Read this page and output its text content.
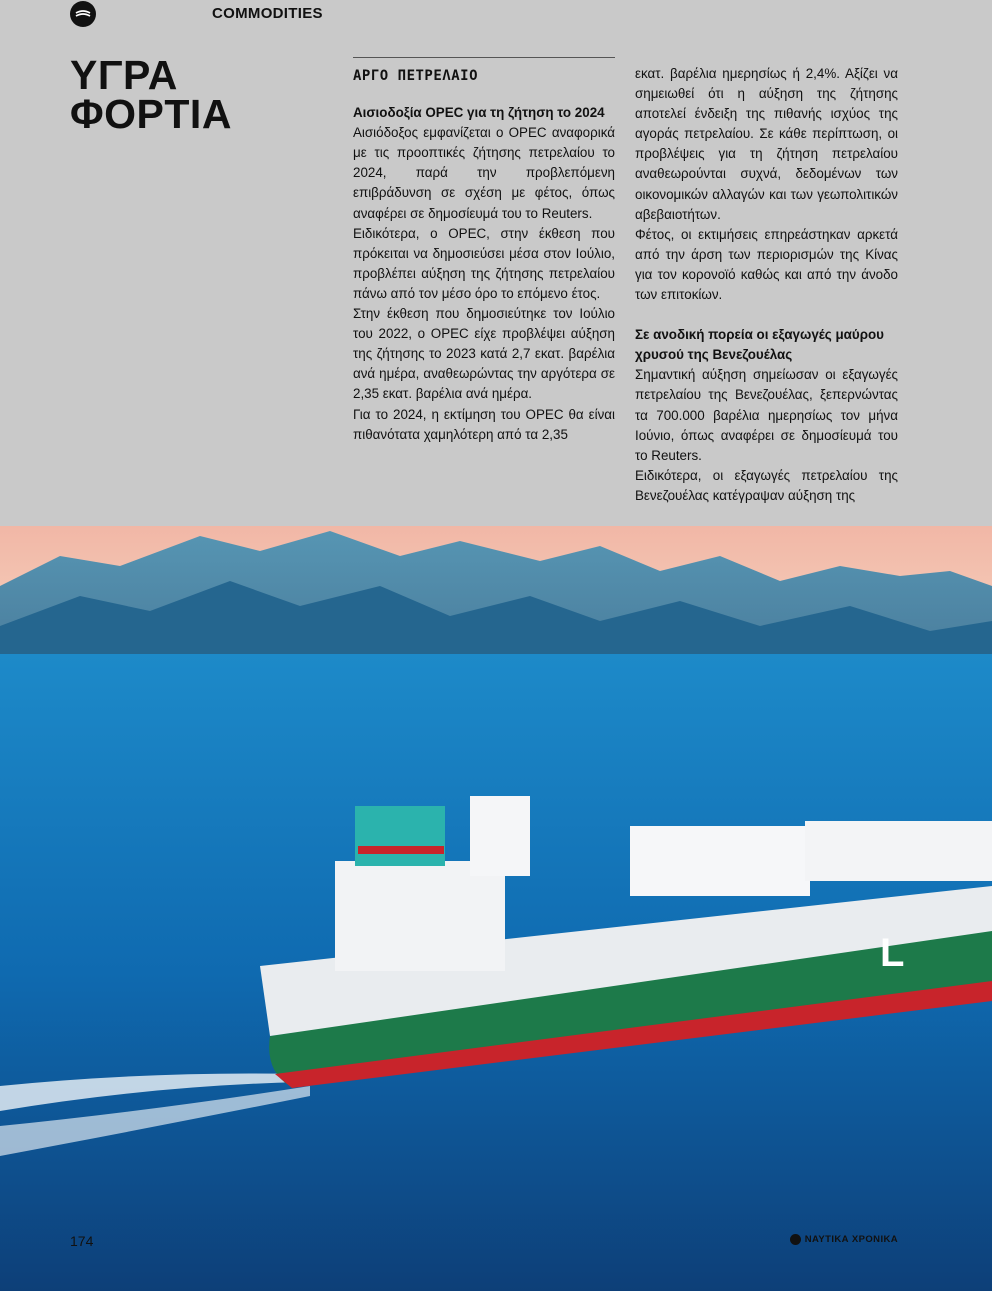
COMMODITIES
ΥΓΡΑ
ΦΟΡΤΙΑ
ΑΡΓΟ ΠΕΤΡΕΛΑΙΟ
Αισιοδοξία OPEC για τη ζήτηση το 2024
Αισιόδοξος εμφανίζεται ο OPEC αναφορικά με τις προοπτικές ζήτησης πετρελαίου το 2024, παρά την προβλεπόμενη επιβράδυνση σε σχέση με φέτος, όπως αναφέρει σε δημοσίευμά του το Reuters.
Ειδικότερα, ο OPEC, στην έκθεση που πρόκειται να δημοσιεύσει μέσα στον Ιούλιο, προβλέπει αύξηση της ζήτησης πετρελαίου πάνω από τον μέσο όρο το επόμενο έτος.
Στην έκθεση που δημοσιεύτηκε τον Ιούλιο του 2022, ο OPEC είχε προβλέψει αύξηση της ζήτησης το 2023 κατά 2,7 εκατ. βαρέλια ανά ημέρα, αναθεωρώντας την αργότερα σε 2,35 εκατ. βαρέλια ανά ημέρα.
Για το 2024, η εκτίμηση του OPEC θα είναι πιθανότατα χαμηλότερη από τα 2,35
εκατ. βαρέλια ημερησίως ή 2,4%. Αξίζει να σημειωθεί ότι η αύξηση της ζήτησης αποτελεί ένδειξη της πιθανής ισχύος της αγοράς πετρελαίου. Σε κάθε περίπτωση, οι προβλέψεις για τη ζήτηση πετρελαίου αναθεωρούνται συχνά, δεδομένων των οικονομικών αλλαγών και των γεωπολιτικών αβεβαιοτήτων.
Φέτος, οι εκτιμήσεις επηρεάστηκαν αρκετά από την άρση των περιορισμών της Κίνας για τον κορονοϊό καθώς και από την άνοδο των επιτοκίων.
Σε ανοδική πορεία οι εξαγωγές μαύρου χρυσού της Βενεζουέλας
Σημαντική αύξηση σημείωσαν οι εξαγωγές πετρελαίου της Βενεζουέλας, ξεπερνώντας τα 700.000 βαρέλια ημερησίως τον μήνα Ιούνιο, όπως αναφέρει σε δημοσίευμά του το Reuters.
Ειδικότερα, οι εξαγωγές πετρελαίου της Βενεζουέλας κατέγραψαν αύξηση της
L
174	ΝΑΥΤΙΚΑ ΧΡΟΝΙΚΑ
